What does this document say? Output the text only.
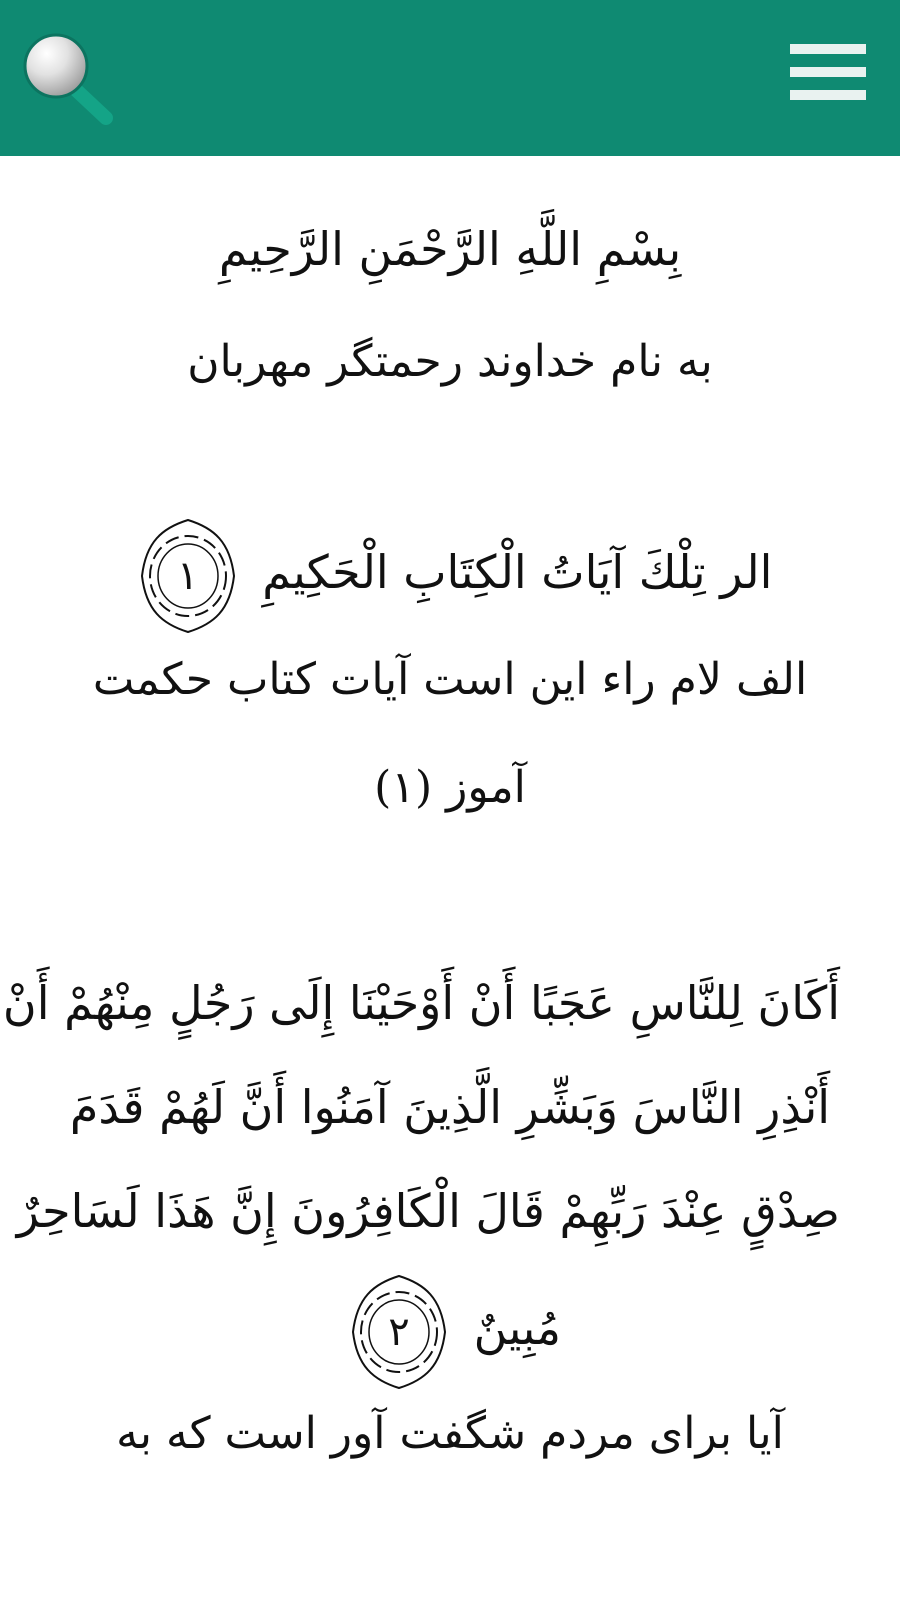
بِسْمِ اللَّهِ الرَّحْمَنِ الرَّحِيمِ
به نام خداوند رحمتگر مهربان
الر تِلْكَ آيَاتُ الْكِتَابِ الْحَكِيمِ
١
الف لام راء اين است آيات كتاب حكمت
آموز (۱)
أَكَانَ لِلنَّاسِ عَجَبًا أَنْ أَوْحَيْنَا إِلَى رَجُلٍ مِنْهُمْ أَنْ
أَنْذِرِ النَّاسَ وَبَشِّرِ الَّذِينَ آمَنُوا أَنَّ لَهُمْ قَدَمَ
صِدْقٍ عِنْدَ رَبِّهِمْ قَالَ الْكَافِرُونَ إِنَّ هَذَا لَسَاحِرٌ
مُبِينٌ
٢
آيا براى مردم شگفت آور است كه به
